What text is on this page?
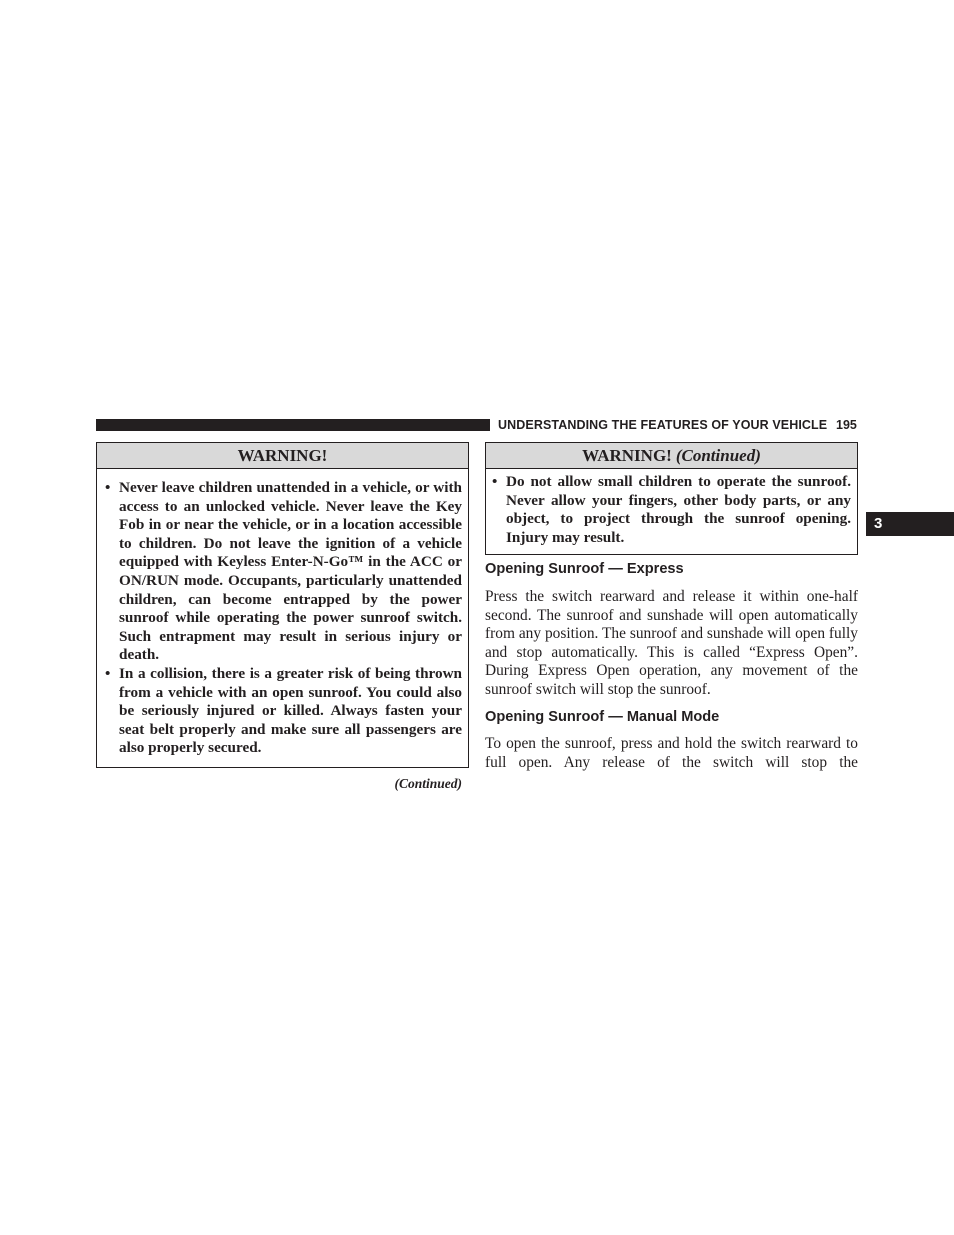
UNDERSTANDING THE FEATURES OF YOUR VEHICLE 195
3
WARNING!
• Never leave children unattended in a vehicle, or with access to an unlocked vehicle. Never leave the Key Fob in or near the vehicle, or in a location accessible to children. Do not leave the ignition of a vehicle equipped with Keyless Enter-N-Go™ in the ACC or ON/RUN mode. Occupants, particularly unattended children, can become entrapped by the power sunroof while operating the power sunroof switch. Such entrapment may result in serious injury or death.
• In a collision, there is a greater risk of being thrown from a vehicle with an open sunroof. You could also be seriously injured or killed. Always fasten your seat belt properly and make sure all passengers are also properly secured.
(Continued)
WARNING! (Continued)
• Do not allow small children to operate the sunroof. Never allow your fingers, other body parts, or any object, to project through the sunroof opening. Injury may result.
Opening Sunroof — Express
Press the switch rearward and release it within one-half second. The sunroof and sunshade will open automatically from any position. The sunroof and sunshade will open fully and stop automatically. This is called “Express Open”. During Express Open operation, any movement of the sunroof switch will stop the sunroof.
Opening Sunroof — Manual Mode
To open the sunroof, press and hold the switch rearward to full open. Any release of the switch will stop the
